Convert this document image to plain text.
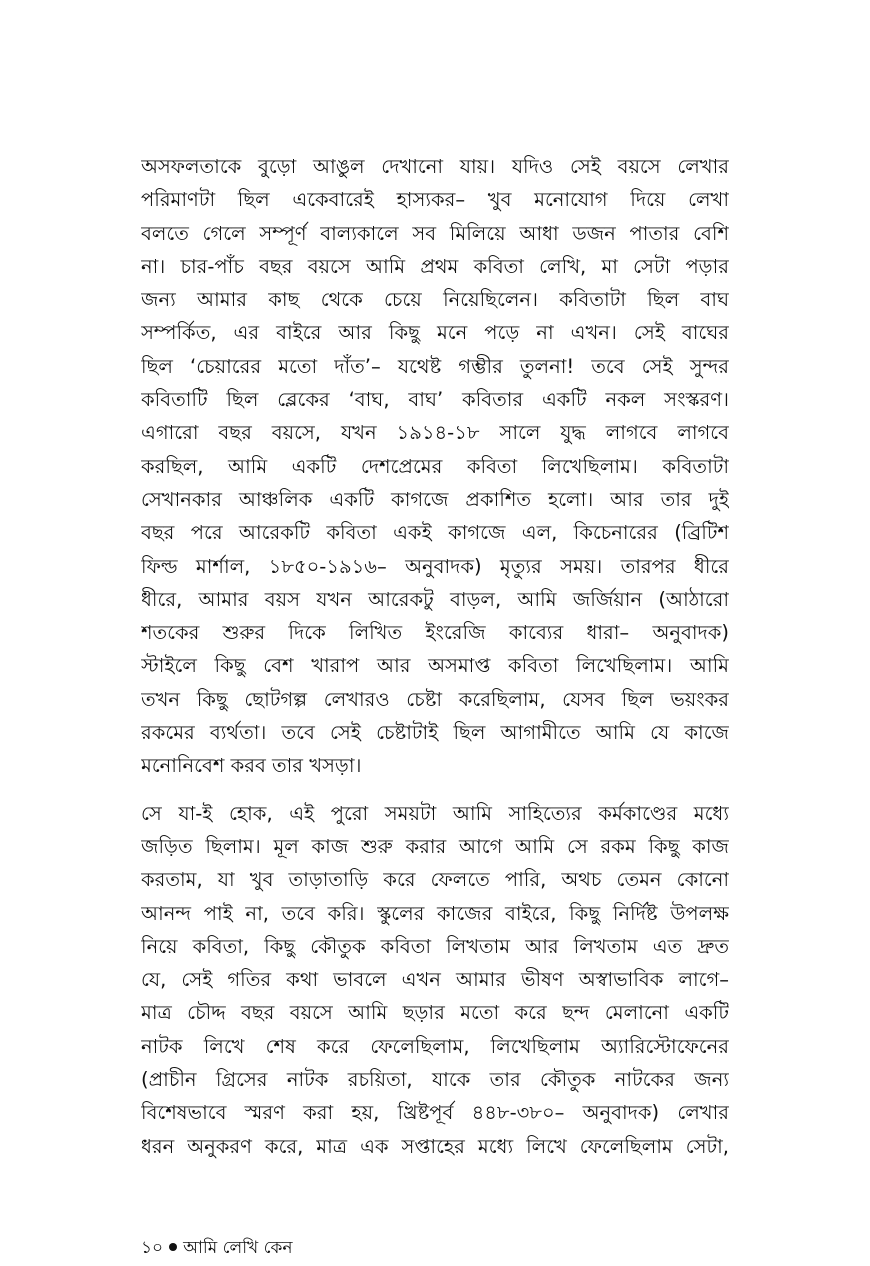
অসফলতাকে বুড়ো আঙুল দেখানো যায়। যদিও সেই বয়সে লেখার
পরিমাণটা ছিল একেবারেই হাস্যকর– খুব মনোযোগ দিয়ে লেখা
বলতে গেলে সম্পূর্ণ বাল্যকালে সব মিলিয়ে আধা ডজন পাতার বেশি
না। চার-পাঁচ বছর বয়সে আমি প্রথম কবিতা লেখি, মা সেটা পড়ার
জন্য আমার কাছ থেকে চেয়ে নিয়েছিলেন। কবিতাটা ছিল বাঘ
সম্পর্কিত, এর বাইরে আর কিছু মনে পড়ে না এখন। সেই বাঘের
ছিল ‘চেয়ারের মতো দাঁত’– যথেষ্ট গম্ভীর তুলনা! তবে সেই সুন্দর
কবিতাটি ছিল ব্লেকের ‘বাঘ, বাঘ’ কবিতার একটি নকল সংস্করণ।
এগারো বছর বয়সে, যখন ১৯১৪-১৮ সালে যুদ্ধ লাগবে লাগবে
করছিল, আমি একটি দেশপ্রেমের কবিতা লিখেছিলাম। কবিতাটা
সেখানকার আঞ্চলিক একটি কাগজে প্রকাশিত হলো। আর তার দুই
বছর পরে আরেকটি কবিতা একই কাগজে এল, কিচেনারের (ব্রিটিশ
ফিল্ড মার্শাল, ১৮৫০-১৯১৬– অনুবাদক) মৃত্যুর সময়। তারপর ধীরে
ধীরে, আমার বয়স যখন আরেকটু বাড়ল, আমি জর্জিয়ান (আঠারো
শতকের শুরুর দিকে লিখিত ইংরেজি কাব্যের ধারা– অনুবাদক)
স্টাইলে কিছু বেশ খারাপ আর অসমাপ্ত কবিতা লিখেছিলাম। আমি
তখন কিছু ছোটগল্প লেখারও চেষ্টা করেছিলাম, যেসব ছিল ভয়ংকর
রকমের ব্যর্থতা। তবে সেই চেষ্টাটাই ছিল আগামীতে আমি যে কাজে
মনোনিবেশ করব তার খসড়া।
সে যা-ই হোক, এই পুরো সময়টা আমি সাহিত্যের কর্মকাণ্ডের মধ্যে
জড়িত ছিলাম। মূল কাজ শুরু করার আগে আমি সে রকম কিছু কাজ
করতাম, যা খুব তাড়াতাড়ি করে ফেলতে পারি, অথচ তেমন কোনো
আনন্দ পাই না, তবে করি। স্কুলের কাজের বাইরে, কিছু নির্দিষ্ট উপলক্ষ
নিয়ে কবিতা, কিছু কৌতুক কবিতা লিখতাম আর লিখতাম এত দ্রুত
যে, সেই গতির কথা ভাবলে এখন আমার ভীষণ অস্বাভাবিক লাগে–
মাত্র চৌদ্দ বছর বয়সে আমি ছড়ার মতো করে ছন্দ মেলানো একটি
নাটক লিখে শেষ করে ফেলেছিলাম, লিখেছিলাম অ্যারিস্টোফেনের
(প্রাচীন গ্রিসের নাটক রচয়িতা, যাকে তার কৌতুক নাটকের জন্য
বিশেষভাবে স্মরণ করা হয়, খ্রিষ্টপূর্ব ৪৪৮-৩৮০– অনুবাদক) লেখার
ধরন অনুকরণ করে, মাত্র এক সপ্তাহের মধ্যে লিখে ফেলেছিলাম সেটা,
১০ আমি লেখি কেন
